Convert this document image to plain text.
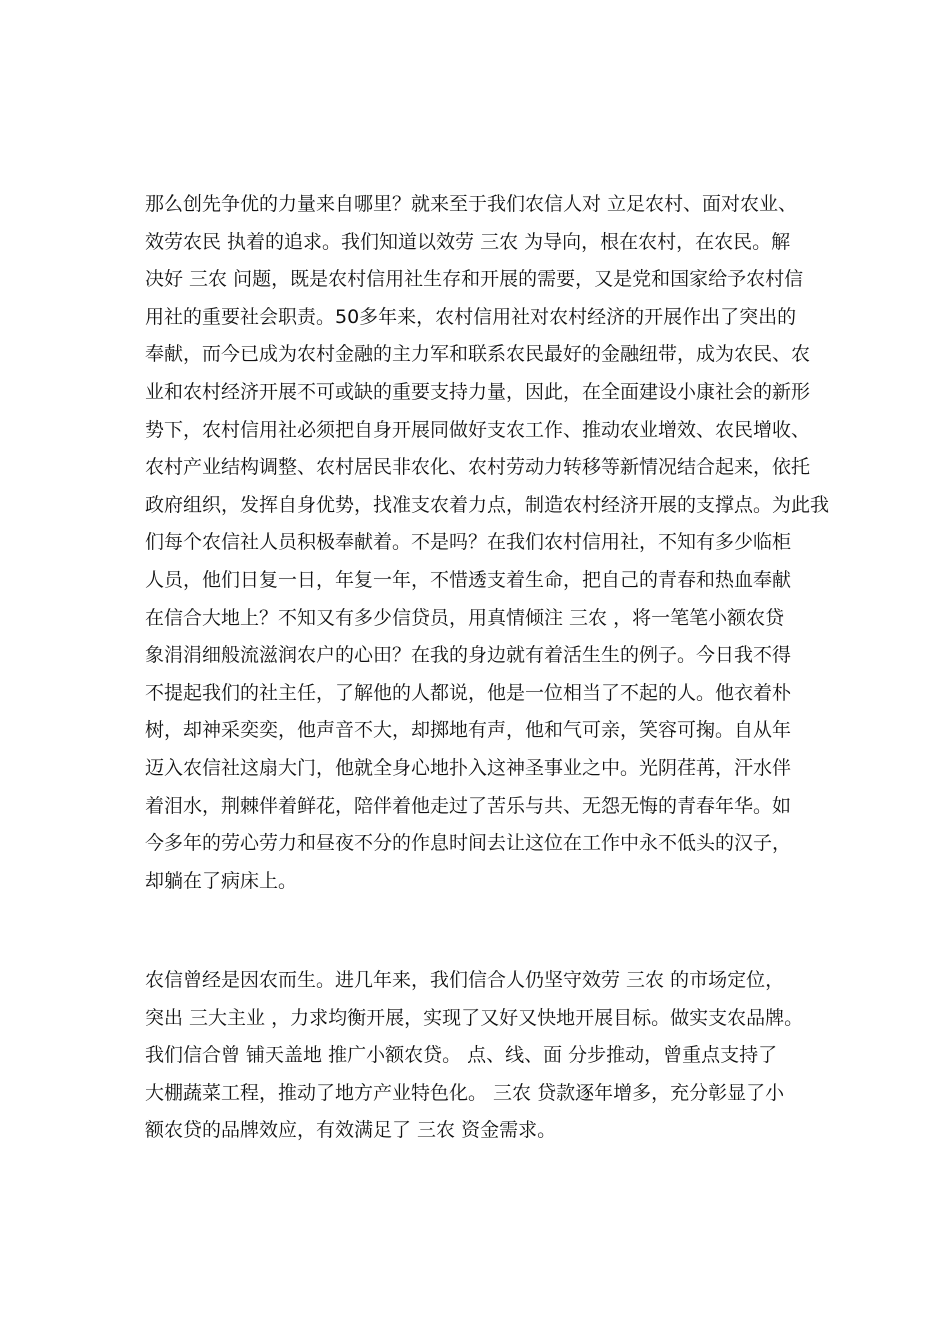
那么创先争优的力量来自哪里？就来至于我们农信人对 立足农村、面对农业、
效劳农民 执着的追求。我们知道以效劳 三农 为导向，根在农村，在农民。解
决好 三农 问题，既是农村信用社生存和开展的需要，又是党和国家给予农村信
用社的重要社会职责。50多年来，农村信用社对农村经济的开展作出了突出的
奉献，而今已成为农村金融的主力军和联系农民最好的金融纽带，成为农民、农
业和农村经济开展不可或缺的重要支持力量，因此，在全面建设小康社会的新形
势下，农村信用社必须把自身开展同做好支农工作、推动农业增效、农民增收、
农村产业结构调整、农村居民非农化、农村劳动力转移等新情况结合起来，依托
政府组织，发挥自身优势，找准支农着力点，制造农村经济开展的支撑点。为此我
们每个农信社人员积极奉献着。不是吗？在我们农村信用社，不知有多少临柜
人员，他们日复一日，年复一年，不惜透支着生命，把自己的青春和热血奉献
在信合大地上？不知又有多少信贷员，用真情倾注 三农 ，将一笔笔小额农贷
象涓涓细般流滋润农户的心田？在我的身边就有着活生生的例子。今日我不得
不提起我们的社主任，了解他的人都说，他是一位相当了不起的人。他衣着朴
树，却神采奕奕，他声音不大，却掷地有声，他和气可亲，笑容可掬。自从年
迈入农信社这扇大门，他就全身心地扑入这神圣事业之中。光阴荏苒，汗水伴
着泪水，荆棘伴着鲜花，陪伴着他走过了苦乐与共、无怨无悔的青春年华。如
今多年的劳心劳力和昼夜不分的作息时间去让这位在工作中永不低头的汉子，
却躺在了病床上。
农信曾经是因农而生。进几年来，我们信合人仍坚守效劳 三农 的市场定位，
突出 三大主业 ，力求均衡开展，实现了又好又快地开展目标。做实支农品牌。
我们信合曾 铺天盖地 推广小额农贷。 点、线、面 分步推动，曾重点支持了
大棚蔬菜工程，推动了地方产业特色化。 三农 贷款逐年增多，充分彰显了小
额农贷的品牌效应，有效满足了 三农 资金需求。
